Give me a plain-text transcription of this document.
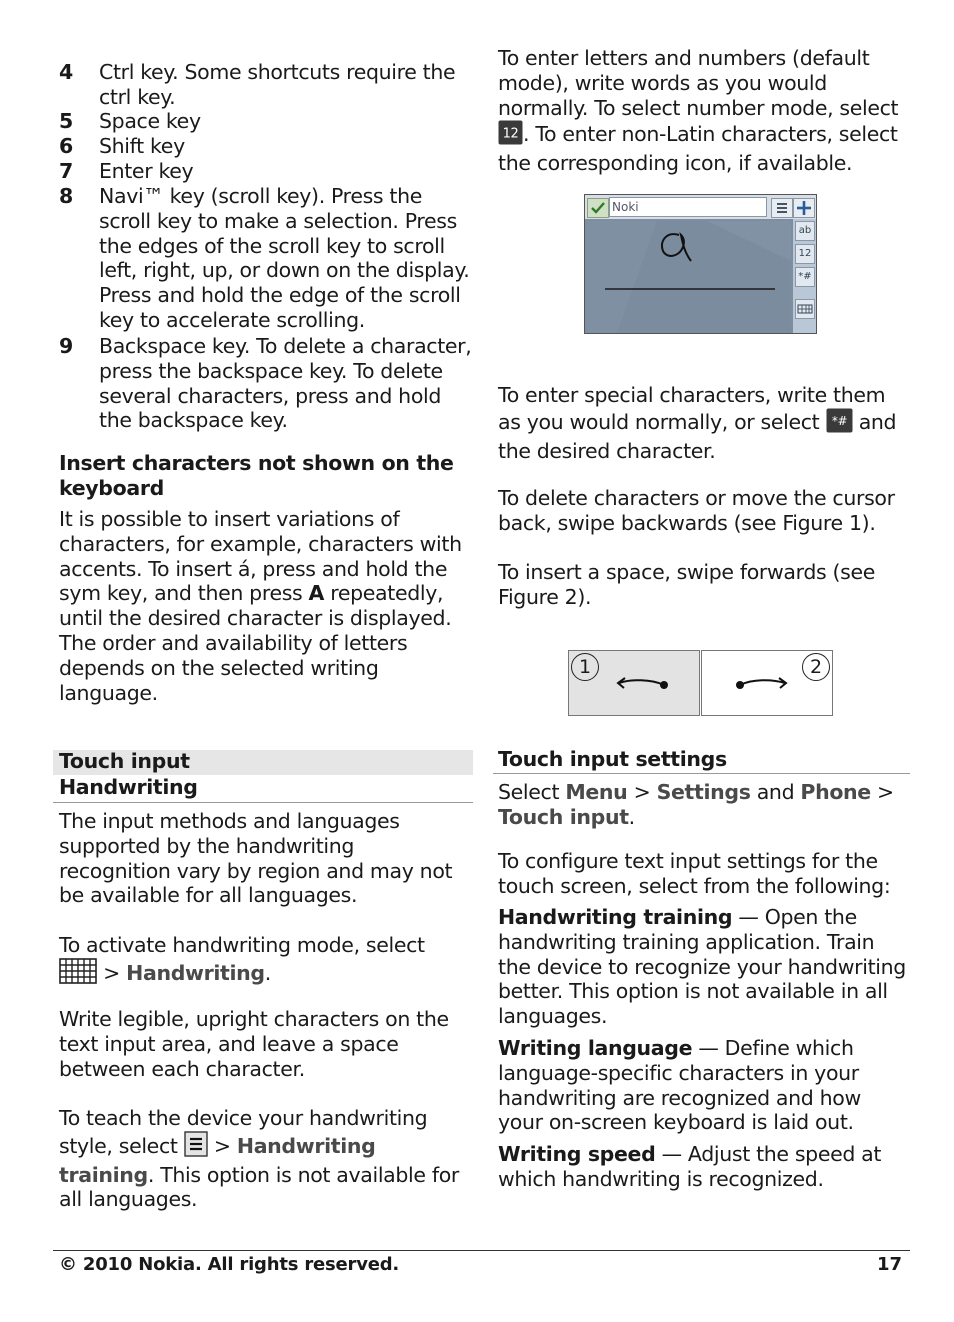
4	Ctrl key. Some shortcuts require the ctrl key.
5	Space key
6	Shift key
7	Enter key
8	Navi™ key (scroll key). Press the scroll key to make a selection. Press the edges of the scroll key to scroll left, right, up, or down on the display. Press and hold the edge of the scroll key to accelerate scrolling.
9	Backspace key. To delete a character, press the backspace key. To delete several characters, press and hold the backspace key.
Insert characters not shown on the keyboard

It is possible to insert variations of characters, for example, characters with accents. To insert á, press and hold the sym key, and then press A repeatedly, until the desired character is displayed. The order and availability of letters depends on the selected writing language.

Touch input
Handwriting

The input methods and languages supported by the handwriting recognition vary by region and may not be available for all languages.

To activate handwriting mode, select
> Handwriting.

Write legible, upright characters on the text input area, and leave a space between each character.

To teach the device your handwriting style, select  > Handwriting training. This option is not available for all languages.

To enter letters and numbers (default mode), write words as you would normally. To select number mode, select

12 . To enter non-Latin characters, select the corresponding icon, if available.

Noki
ab
12
*#

To enter special characters, write them as you would normally, or select *# and the desired character.

To delete characters or move the cursor back, swipe backwards (see Figure 1).

To insert a space, swipe forwards (see Figure 2).

1	2
Touch input settings

Select Menu > Settings and Phone > Touch input.

To configure text input settings for the touch screen, select from the following:

Handwriting training — Open the handwriting training application. Train the device to recognize your handwriting better. This option is not available in all languages.

Writing language — Define which language-specific characters in your handwriting are recognized and how your on-screen keyboard is laid out.

Writing speed — Adjust the speed at which handwriting is recognized.

© 2010 Nokia. All rights reserved.	17
